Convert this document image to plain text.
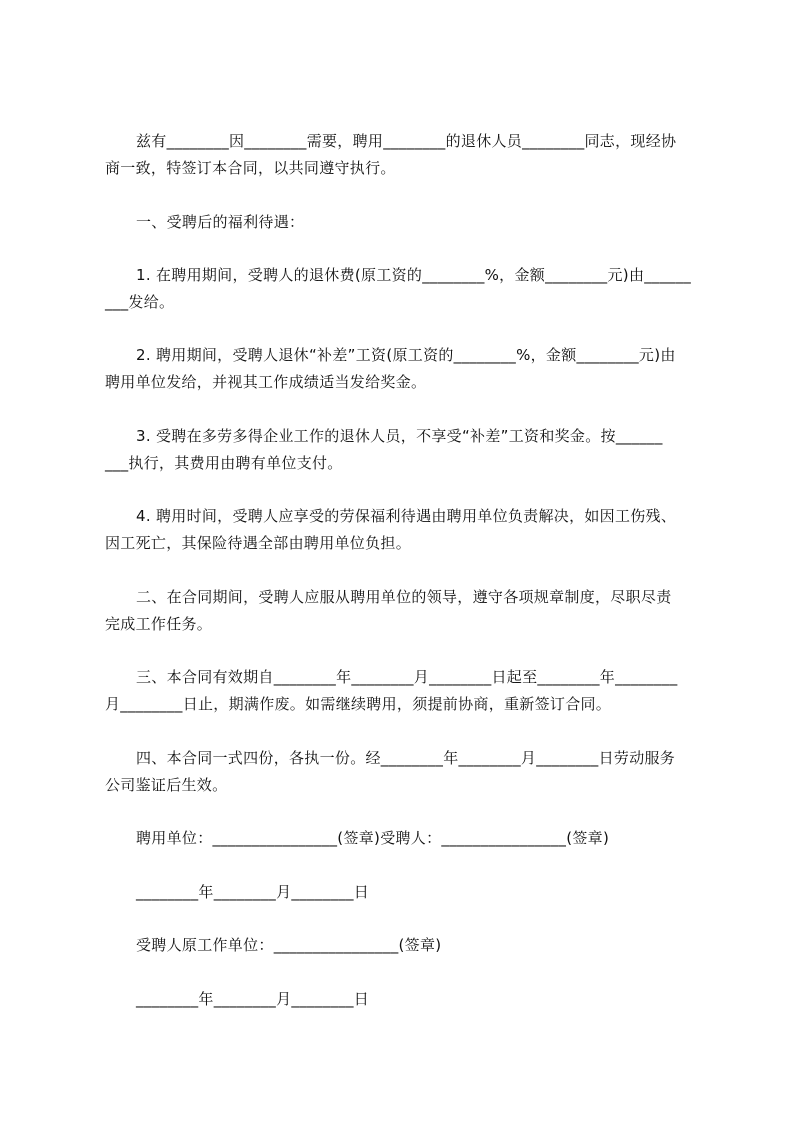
兹有________因________需要，聘用________的退休人员________同志，现经协
商一致，特签订本合同，以共同遵守执行。
一、受聘后的福利待遇：
1. 在聘用期间，受聘人的退休费(原工资的________%，金额________元)由______
___发给。
2. 聘用期间，受聘人退休“补差”工资(原工资的________%，金额________元)由
聘用单位发给，并视其工作成绩适当发给奖金。
3. 受聘在多劳多得企业工作的退休人员，不享受“补差”工资和奖金。按______
___执行，其费用由聘有单位支付。
4. 聘用时间，受聘人应享受的劳保福利待遇由聘用单位负责解决，如因工伤残、
因工死亡，其保险待遇全部由聘用单位负担。
二、在合同期间，受聘人应服从聘用单位的领导，遵守各项规章制度，尽职尽责
完成工作任务。
三、本合同有效期自________年________月________日起至________年________
月________日止，期满作废。如需继续聘用，须提前协商，重新签订合同。
四、本合同一式四份，各执一份。经________年________月________日劳动服务
公司鉴证后生效。
聘用单位：________________(签章)受聘人：________________(签章)
________年________月________日
受聘人原工作单位：________________(签章)
________年________月________日
